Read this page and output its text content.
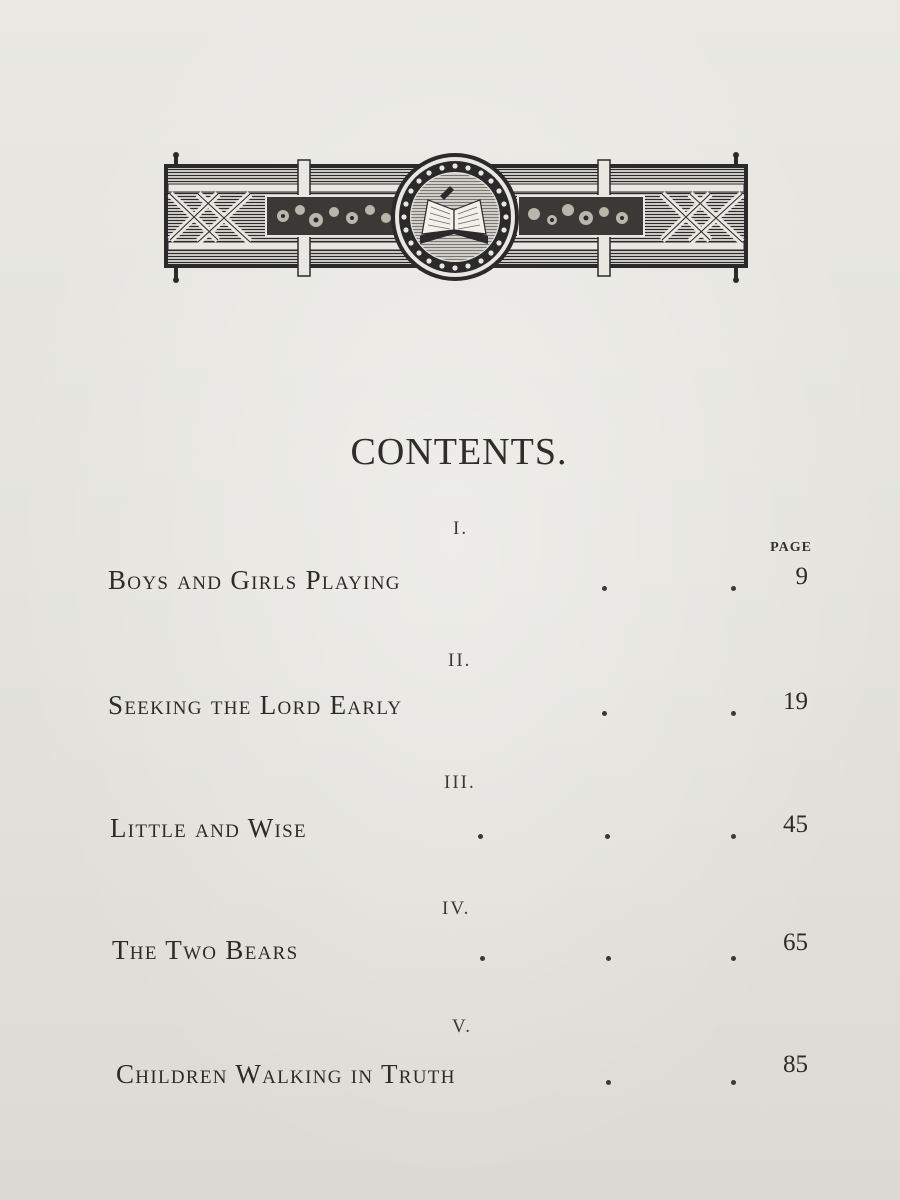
CONTENTS.
PAGE
I.
Boys and Girls Playing	9
II.
Seeking the Lord Early	19
III.
Little and Wise	45
IV.
The Two Bears	65
V.
Children Walking in Truth	85
